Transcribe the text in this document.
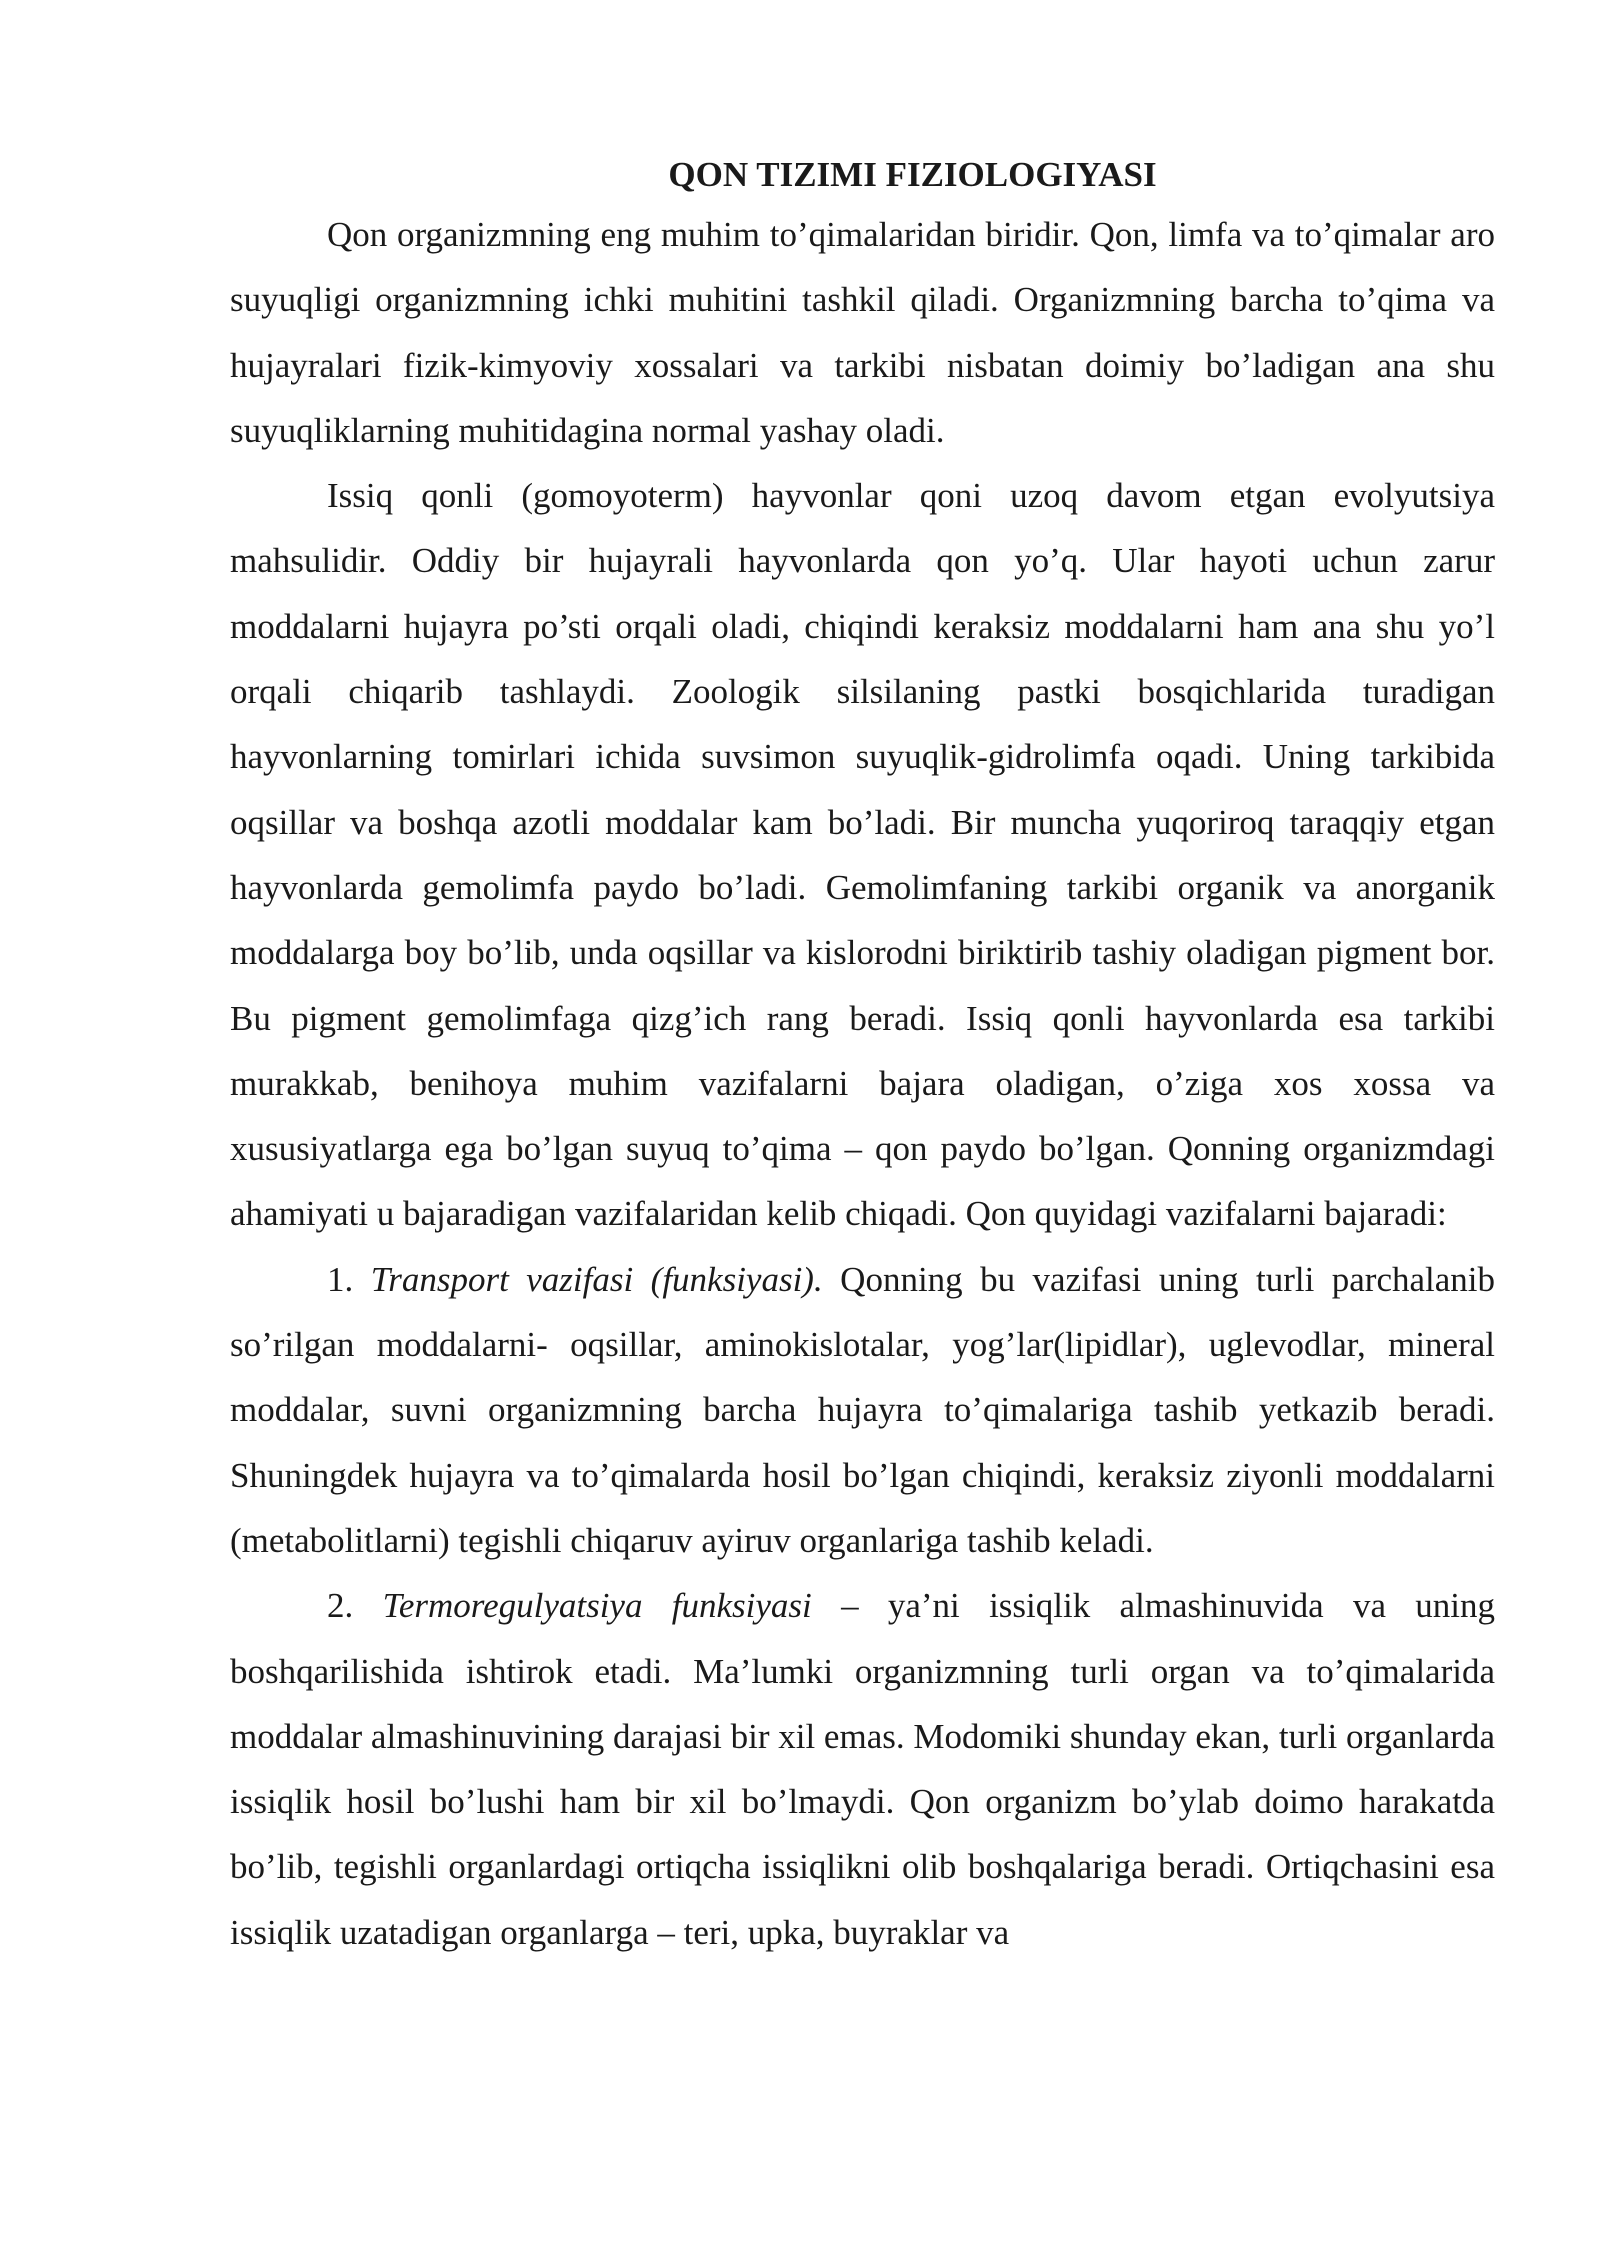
QON TIZIMI FIZIOLOGIYASI

Qon organizmning eng muhim to’qimalaridan biridir. Qon, limfa va to’qimalar aro suyuqligi organizmning ichki muhitini tashkil qiladi. Organizmning barcha to’qima va hujayralari fizik-kimyoviy xossalari va tarkibi nisbatan doimiy bo’ladigan ana shu suyuqliklarning muhitidagina normal yashay oladi.

Issiq qonli (gomoyoterm) hayvonlar qoni uzoq davom etgan evolyutsiya mahsulidir. Oddiy bir hujayrali hayvonlarda qon yo’q. Ular hayoti uchun zarur moddalarni hujayra po’sti orqali oladi, chiqindi keraksiz moddalarni ham ana shu yo’l orqali chiqarib tashlaydi. Zoologik silsilaning pastki bosqichlarida turadigan hayvonlarning tomirlari ichida suvsimon suyuqlik-gidrolimfa oqadi. Uning tarkibida oqsillar va boshqa azotli moddalar kam bo’ladi. Bir muncha yuqoriroq taraqqiy etgan hayvonlarda gemolimfa paydo bo’ladi. Gemolimfaning tarkibi organik va anorganik moddalarga boy bo’lib, unda oqsillar va kislorodni biriktirib tashiy oladigan pigment bor. Bu pigment gemolimfaga qizg’ich rang beradi. Issiq qonli hayvonlarda esa tarkibi murakkab, benihoya muhim vazifalarni bajara oladigan, o’ziga xos xossa va xususiyatlarga ega bo’lgan suyuq to’qima – qon paydo bo’lgan. Qonning organizmdagi ahamiyati u bajaradigan vazifalaridan kelib chiqadi. Qon quyidagi vazifalarni bajaradi:

1. Transport vazifasi (funksiyasi). Qonning bu vazifasi uning turli parchalanib so’rilgan moddalarni- oqsillar, aminokislotalar, yog’lar(lipidlar), uglevodlar, mineral moddalar, suvni organizmning barcha hujayra to’qimalariga tashib yetkazib beradi. Shuningdek hujayra va to’qimalarda hosil bo’lgan chiqindi, keraksiz ziyonli moddalarni (metabolitlarni) tegishli chiqaruv ayiruv organlariga tashib keladi.

2. Termoregulyatsiya funksiyasi – ya’ni issiqlik almashinuvida va uning boshqarilishida ishtirok etadi. Ma’lumki organizmning turli organ va to’qimalarida moddalar almashinuvining darajasi bir xil emas. Modomiki shunday ekan, turli organlarda issiqlik hosil bo’lushi ham bir xil bo’lmaydi. Qon organizm bo’ylab doimo harakatda bo’lib, tegishli organlardagi ortiqcha issiqlikni olib boshqalariga beradi. Ortiqchasini esa issiqlik uzatadigan organlarga – teri, upka, buyraklar va
